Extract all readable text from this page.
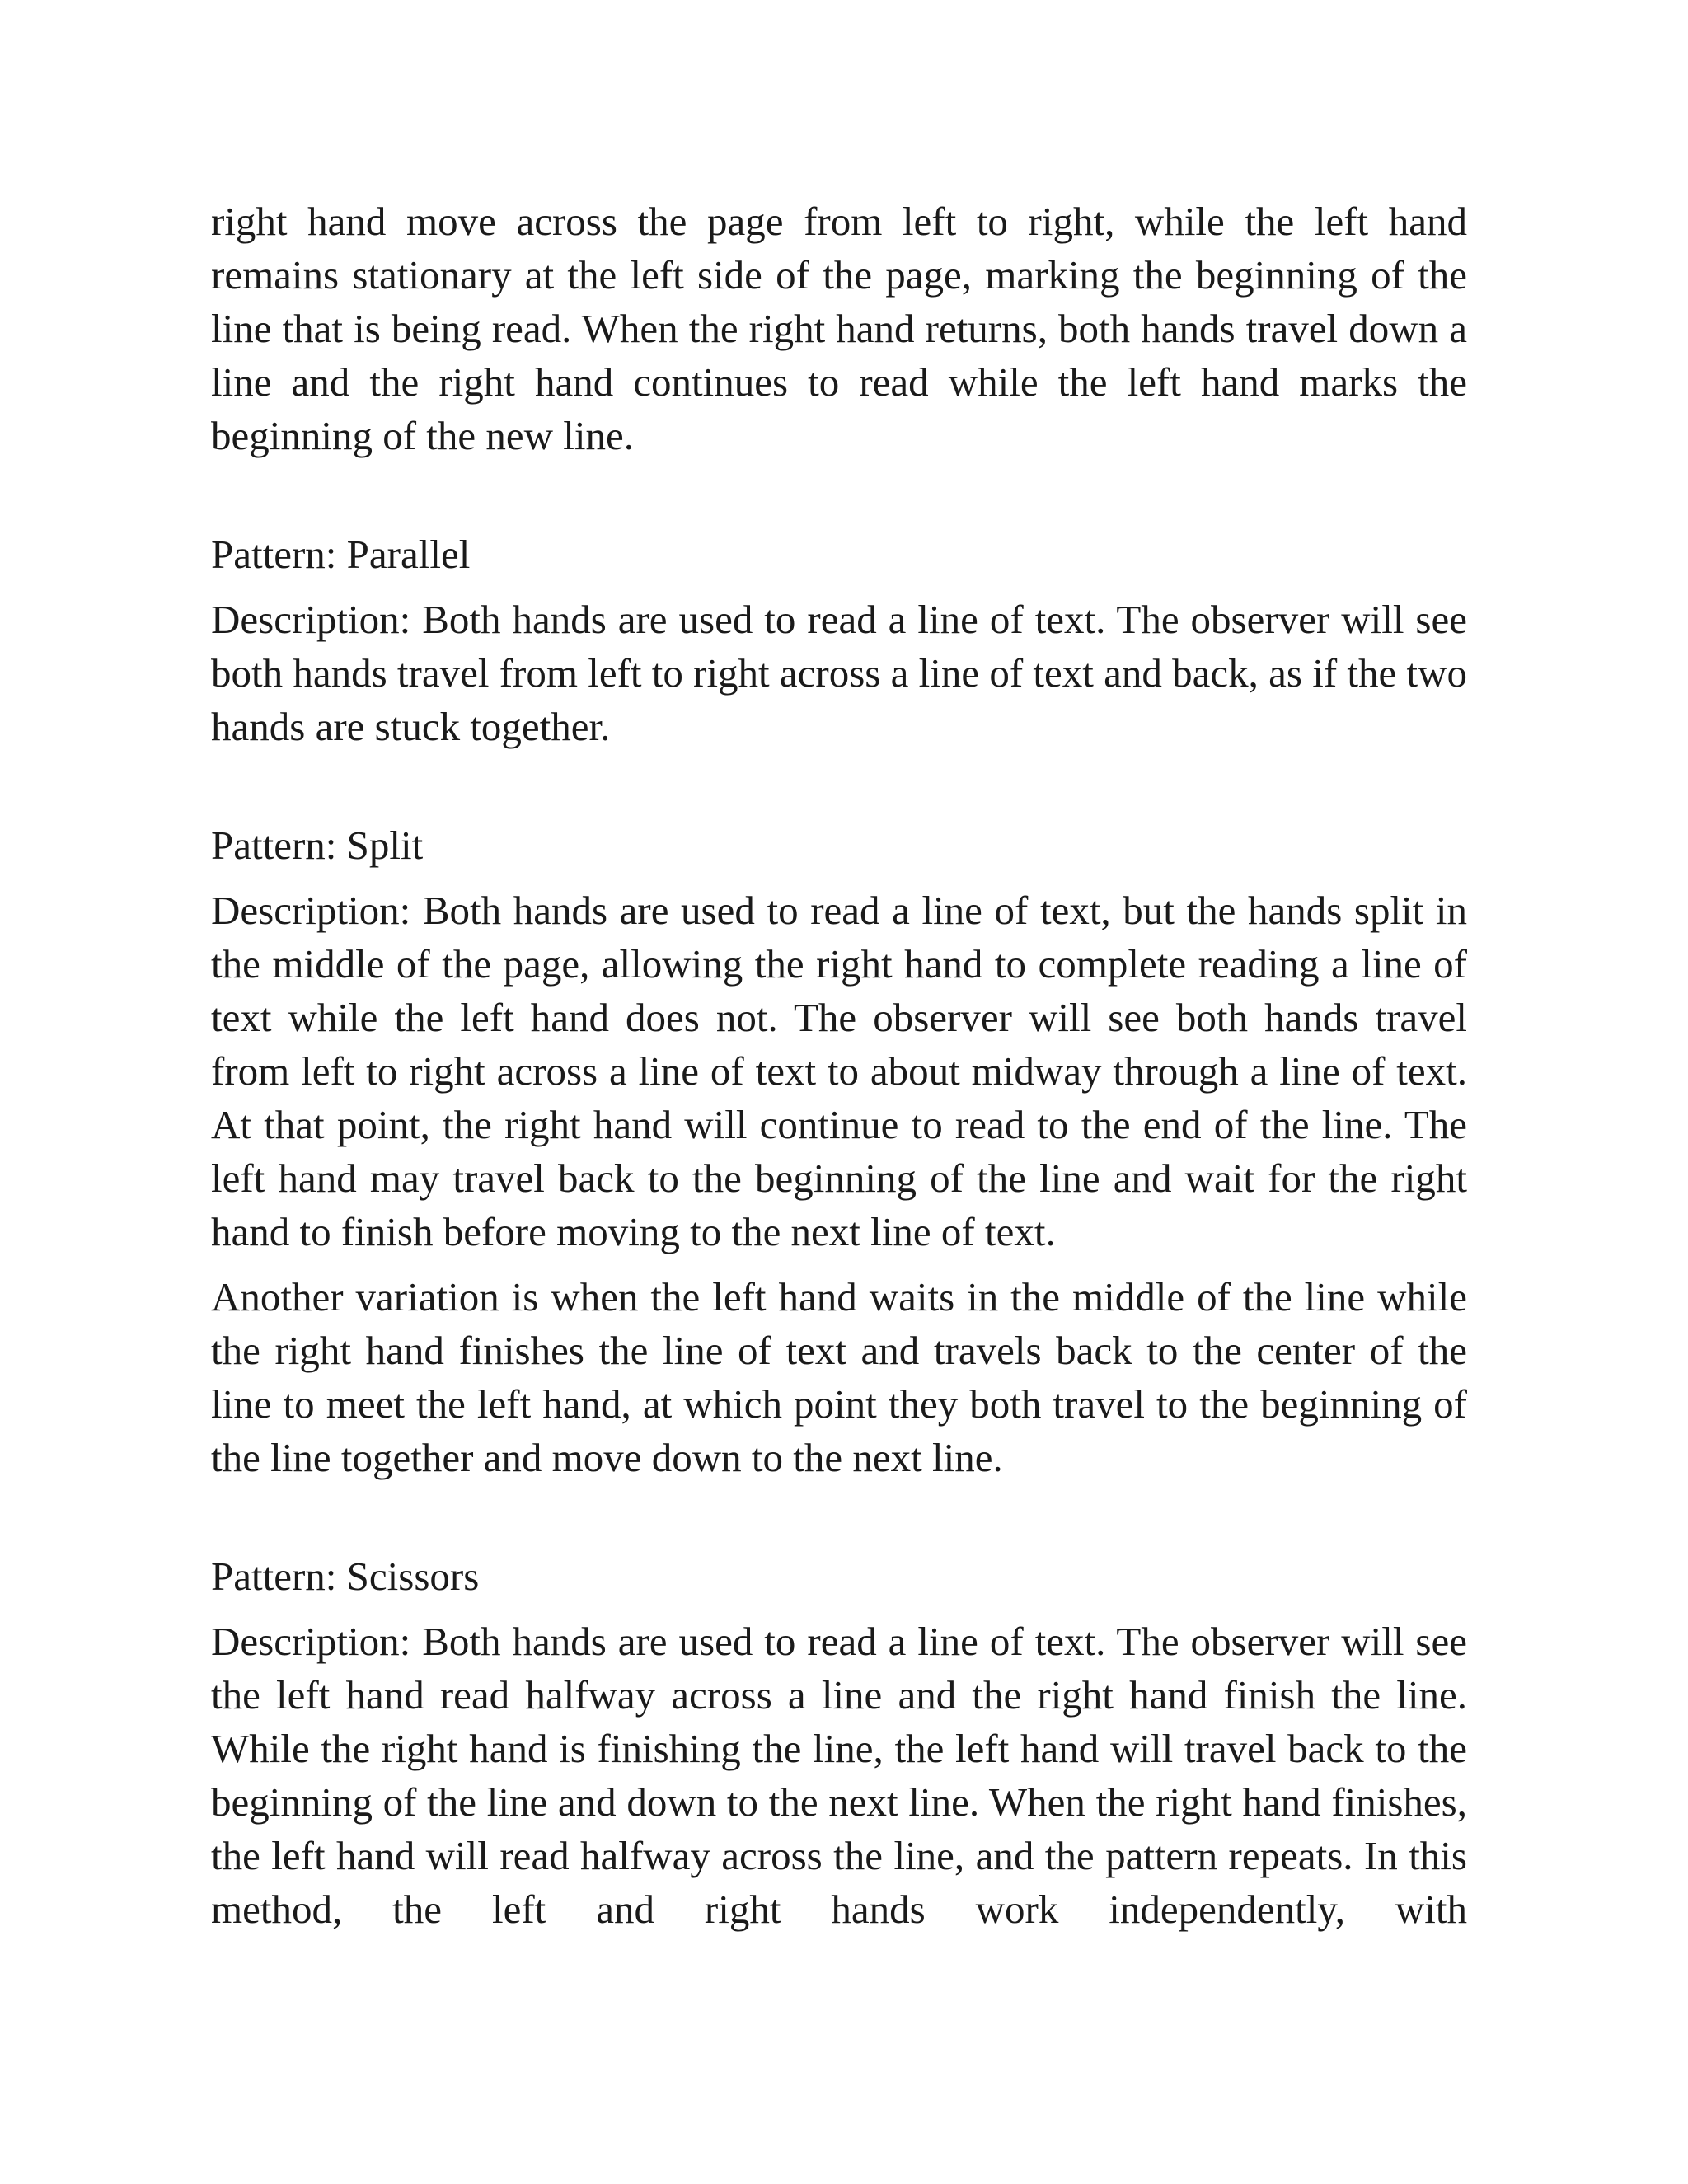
right hand move across the page from left to right, while the left hand remains stationary at the left side of the page, marking the beginning of the line that is being read. When the right hand returns, both hands travel down a line and the right hand continues to read while the left hand marks the beginning of the new line.

Pattern: Parallel

Description: Both hands are used to read a line of text. The observer will see both hands travel from left to right across a line of text and back, as if the two hands are stuck together.

Pattern: Split

Description: Both hands are used to read a line of text, but the hands split in the middle of the page, allowing the right hand to complete reading a line of text while the left hand does not. The observer will see both hands travel from left to right across a line of text to about midway through a line of text. At that point, the right hand will continue to read to the end of the line. The left hand may travel back to the beginning of the line and wait for the right hand to finish before moving to the next line of text.

Another variation is when the left hand waits in the middle of the line while the right hand finishes the line of text and travels back to the center of the line to meet the left hand, at which point they both travel to the beginning of the line together and move down to the next line.

Pattern: Scissors

Description: Both hands are used to read a line of text. The observer will see the left hand read halfway across a line and the right hand finish the line. While the right hand is finishing the line, the left hand will travel back to the beginning of the line and down to the next line. When the right hand finishes, the left hand will read halfway across the line, and the pattern repeats. In this method, the left and right hands work independently, with
